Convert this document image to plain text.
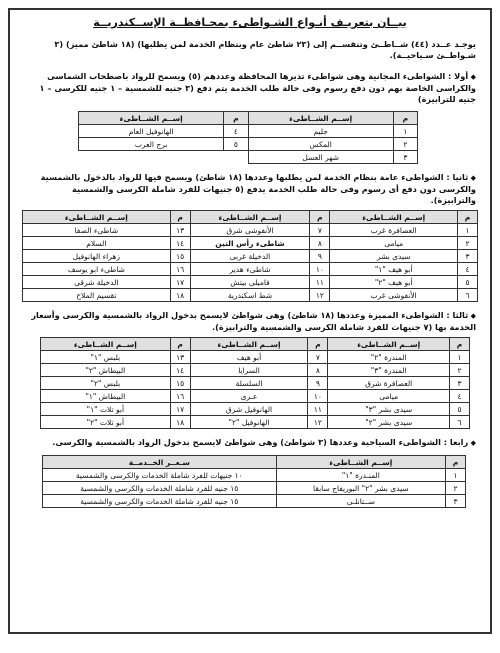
بيــان بتعريـف أنـواع الشـواطىء بمحـافظــة الإســكندريــة
يوجـد عــدد (٤٤) شــاطــئ وتنقســم إلى (٢٣ شاطئ عام وبنظام الخدمة لمن يطلبها) (١٨ شاطئ مميز) (٣ شـواطــئ سـياحيــة).
◆ أولا : الشواطىء المجانية وهى شواطىء تديرها المحافظة وعددهم (٥) ويسمح للرواد باصطحاب الشماسى والكراسى الخاصة بهم دون دفع رسوم وفى حالة طلب الخدمة يتم دفع (٣ جنيه للشمسية – ١ جنيه للكرسى – ١ جنيه للترابيزة)
م	إســم الشــاطىء	م	إســم الشــاطىء
١	جليم	٤	الهانوفيل العام
٢	المكس	٥	برج العرب
٣	شهر العسل		
◆ ثانيا : الشواطىء عامة بنظام الخدمة لمن يطلبها وعددها (١٨ شاطئ) ويسمح فيها للرواد بالدخول بالشمسية والكرسى دون دفع أى رسوم وفى حالة طلب الخدمة يدفع (٥ جنيهات للفرد شاملة الكرسى والشمسية والترابيزة).
م	إســم الشــاطىء	م	إســم الشــاطىء	م	إســم الشــاطىء
١	العصافرة غرب	٧	الأنفوشى شرق	١٣	شاطىء الصفا
٢	ميامى	٨	شاطىء رأس التين	١٤	السلام
٣	سيدى بشر	٩	الدخيلة غربى	١٥	زهراء الهانوفيل
٤	أبو هيف "١"	١٠	شاطىء هدير	١٦	شاطىء ابو يوسف
٥	أبو هيف "٢"	١١	فاميلى بيتش	١٧	الدخيلة شرقى
٦	الأنفوشى غرب	١٢	شط اسكندرية	١٨	تقسيم الملاح
◆ ثالثا : الشواطىء المميزة وعددها (١٨ شاطئ) وهى شواطئ لايسمح بدخول الرواد بالشمسية والكرسى وأسعار الخدمة بها (٧ جنيهات للفرد شاملة الكرسى والشمسية والترابيزة).
م	إســم الشــاطىء	م	إســم الشــاطىء	م	إســم الشــاطىء
١	المندرة "٢"	٧	أبو هيف	١٣	بلبس "١"
٢	المندرة "٣"	٨	السرايا	١٤	البيطاش "٢"
٣	العصافرة شرق	٩	السلسلة	١٥	بلبس "٢"
٤	ميامى	١٠	عـرى	١٦	البيطاش "١"
٥	سيدى بشر "٣"	١١	الهانوفيل شرق	١٧	أبو تلات "١"
٦	سيدى بشر "٢"	١٢	الهانوفيل "٢"	١٨	أبو تلات "٢"
◆ رابعا : الشواطىء السياحية وعددها (٣ شواطئ) وهى شواطئ لايسمح بدخول الرواد بالشمسية والكرسى.
م	إســم الشــاطىء	سـعــر الخــدمــة
١	المنـدرة "١"	١٠ جنيهات للفرد شاملة الخدمات والكرسى والشمسية
٢	سيدى بشر "٢" البوريفاج سابقا	١٥ جنيه للفرد شاملة الخدمات والكرسى والشمسية
٣	ســتانلـى	١٥ جنيه للفرد شاملة الخدمات والكرسى والشمسية
